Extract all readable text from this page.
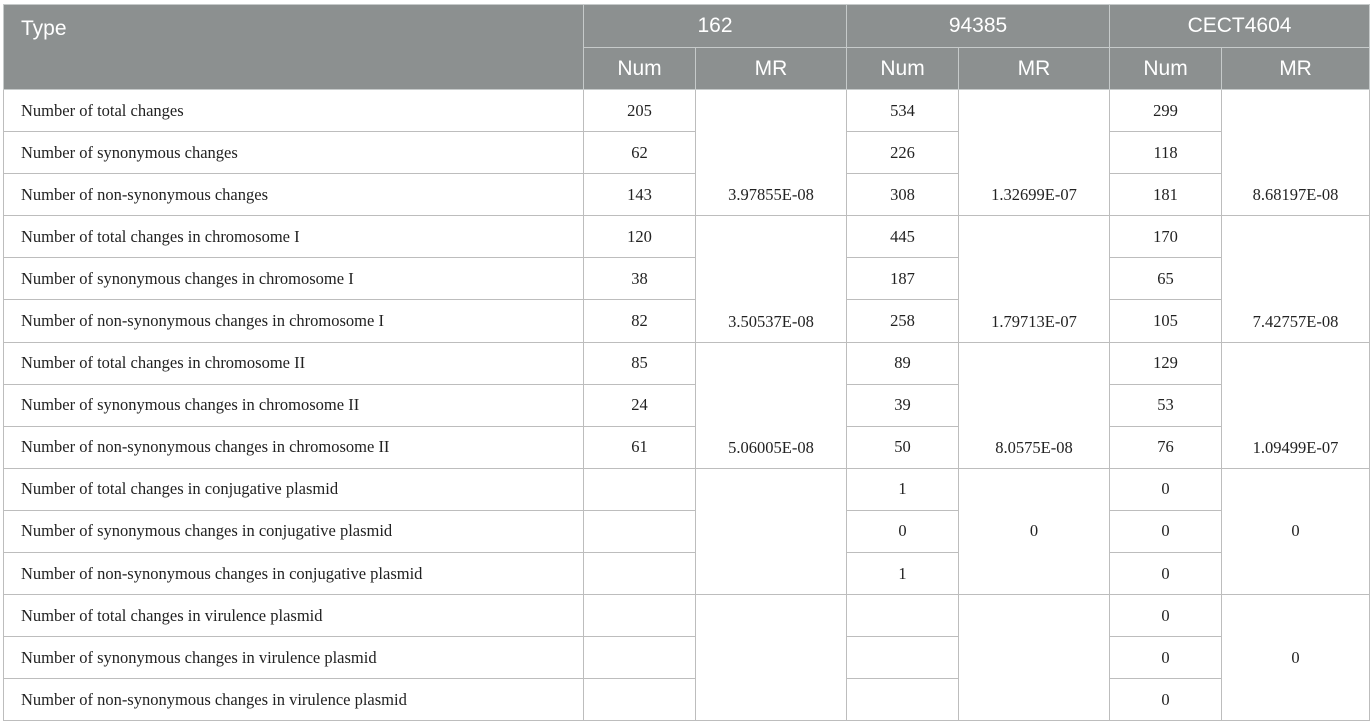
Type	162		94385		CECT4604	
	Num	MR	Num	MR	Num	MR
Number of total changes	205	3.97855E-08	534	1.32699E-07	299	8.68197E-08
Number of synonymous changes	62		226		118	
Number of non-synonymous changes	143		308		181	
Number of total changes in chromosome I	120	3.50537E-08	445	1.79713E-07	170	7.42757E-08
Number of synonymous changes in chromosome I	38		187		65	
Number of non-synonymous changes in chromosome I	82		258		105	
Number of total changes in chromosome II	85	5.06005E-08	89	8.0575E-08	129	1.09499E-07
Number of synonymous changes in chromosome II	24		39		53	
Number of non-synonymous changes in chromosome II	61		50		76	
Number of total changes in conjugative plasmid			1	0	0	0
Number of synonymous changes in conjugative plasmid			0		0	
Number of non-synonymous changes in conjugative plasmid			1		0	
Number of total changes in virulence plasmid					0	0
Number of synonymous changes in virulence plasmid					0	
Number of non-synonymous changes in virulence plasmid					0	
